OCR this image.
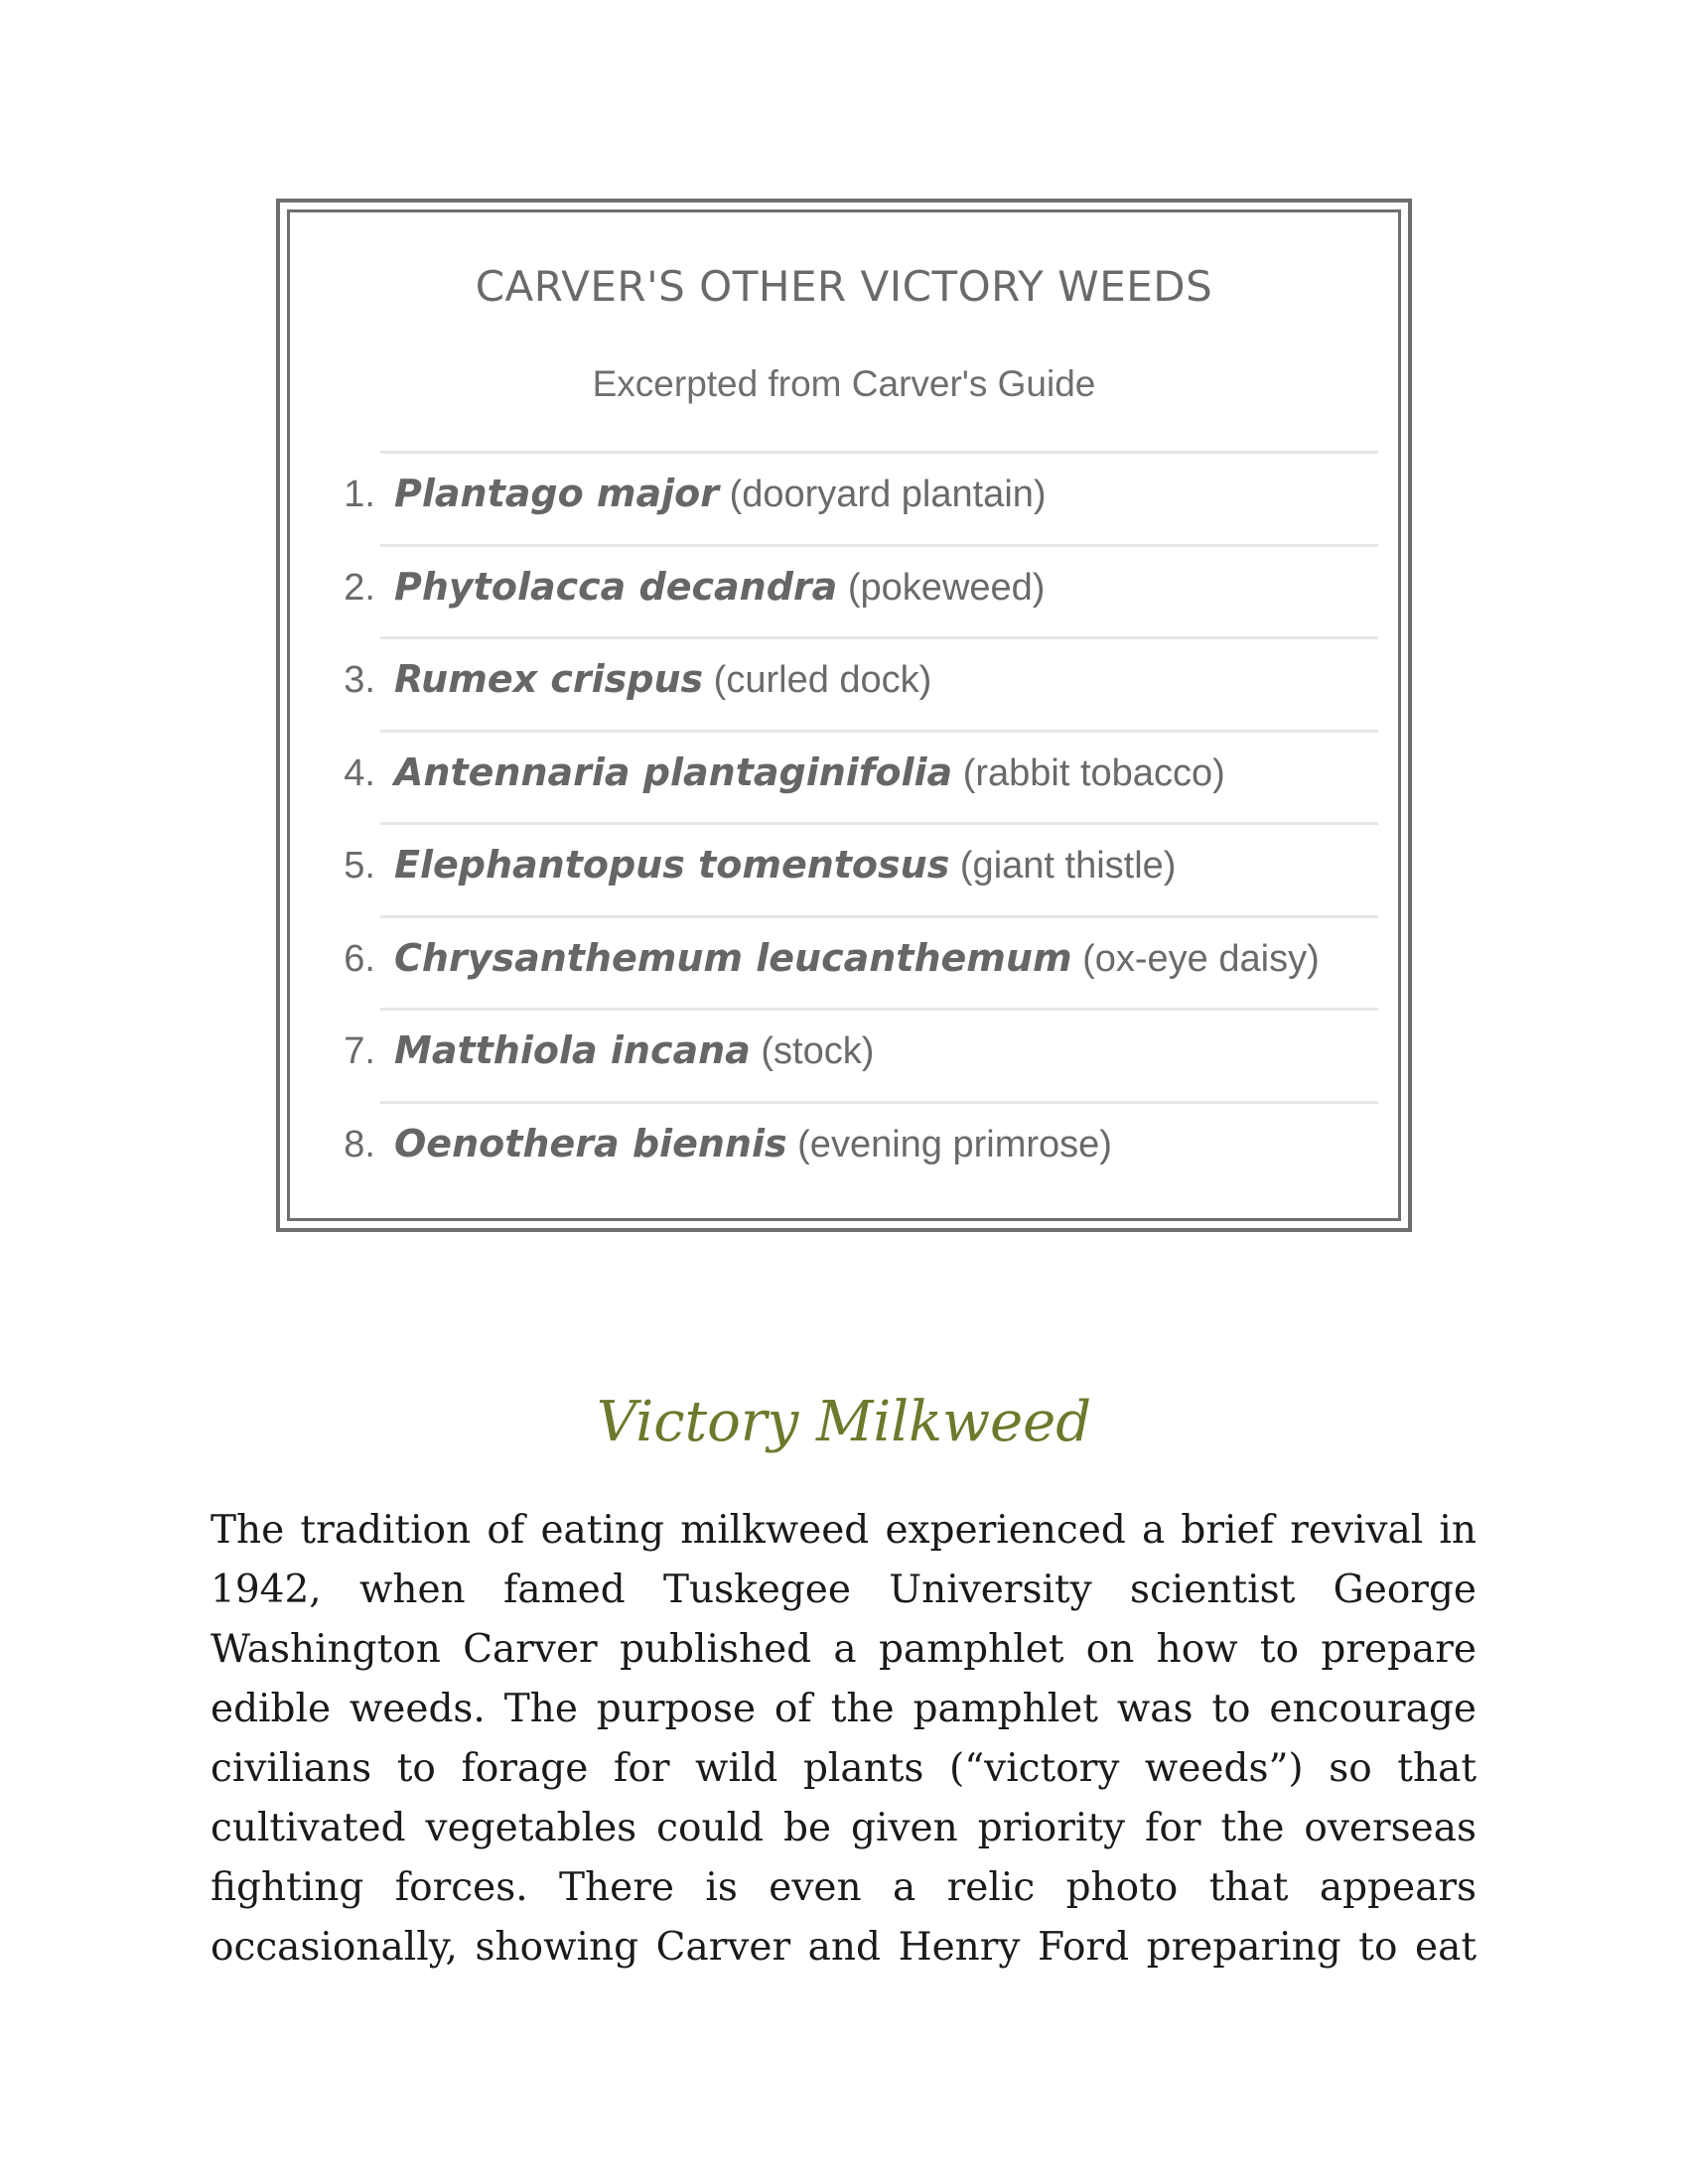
CARVER'S OTHER VICTORY WEEDS

Excerpted from Carver's Guide

1. Plantago major (dooryard plantain)
2. Phytolacca decandra (pokeweed)
3. Rumex crispus (curled dock)
4. Antennaria plantaginifolia (rabbit tobacco)
5. Elephantopus tomentosus (giant thistle)
6. Chrysanthemum leucanthemum (ox-eye daisy)
7. Matthiola incana (stock)
8. Oenothera biennis (evening primrose)
Victory Milkweed

The tradition of eating milkweed experienced a brief revival in 1942, when famed Tuskegee University scientist George Washington Carver published a pamphlet on how to prepare edible weeds. The purpose of the pamphlet was to encourage civilians to forage for wild plants (“victory weeds”) so that cultivated vegetables could be given priority for the overseas fighting forces. There is even a relic photo that appears occasionally, showing Carver and Henry Ford preparing to eat
